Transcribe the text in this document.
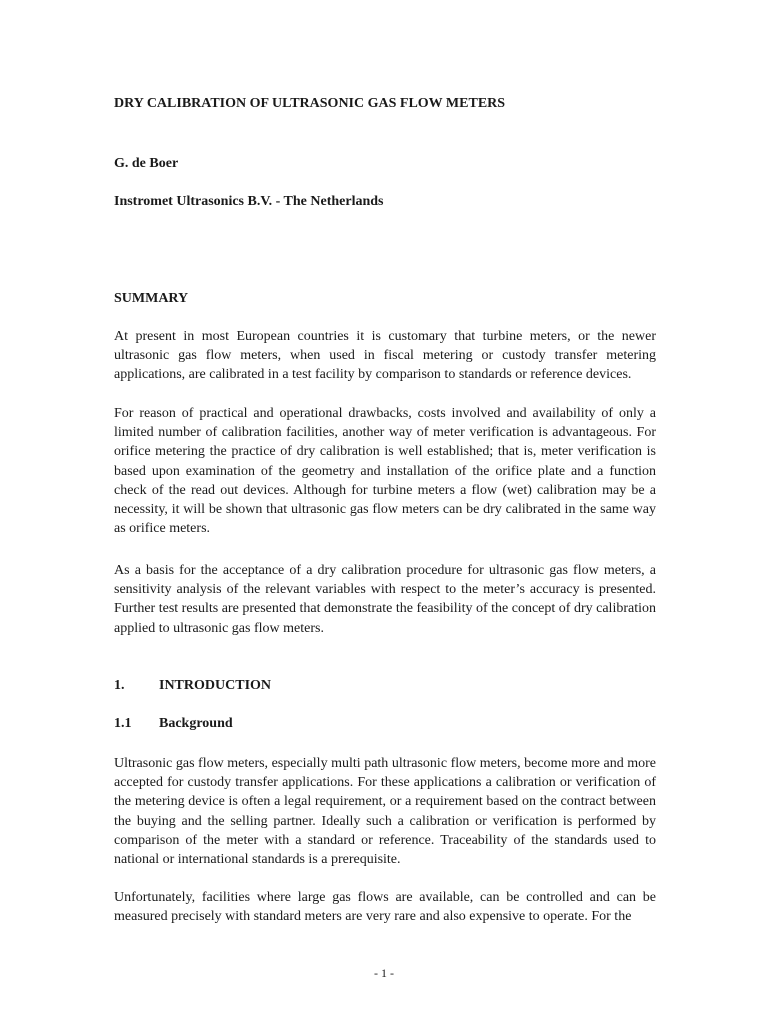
DRY CALIBRATION OF ULTRASONIC GAS FLOW METERS
G. de Boer
Instromet Ultrasonics B.V. - The Netherlands
SUMMARY

At present in most European countries it is customary that turbine meters, or the newer ultrasonic gas flow meters, when used in fiscal metering or custody transfer metering applications, are calibrated in a test facility by comparison to standards or reference devices.

For reason of practical and operational drawbacks, costs involved and availability of only a limited number of calibration facilities, another way of meter verification is advantageous. For orifice metering the practice of dry calibration is well established; that is, meter verification is based upon examination of the geometry and installation of the orifice plate and a function check of the read out devices. Although for turbine meters a flow (wet) calibration may be a necessity, it will be shown that ultrasonic gas flow meters can be dry calibrated in the same way as orifice meters.

As a basis for the acceptance of a dry calibration procedure for ultrasonic gas flow meters, a sensitivity analysis of the relevant variables with respect to the meter’s accuracy is presented. Further test results are presented that demonstrate the feasibility of the concept of dry calibration applied to ultrasonic gas flow meters.

1. INTRODUCTION
1.1 Background

Ultrasonic gas flow meters, especially multi path ultrasonic flow meters, become more and more accepted for custody transfer applications. For these applications a calibration or verification of the metering device is often a legal requirement, or a requirement based on the contract between the buying and the selling partner. Ideally such a calibration or verification is performed by comparison of the meter with a standard or reference. Traceability of the standards used to national or international standards is a prerequisite.

Unfortunately, facilities where large gas flows are available, can be controlled and can be measured precisely with standard meters are very rare and also expensive to operate. For the

- 1 -
